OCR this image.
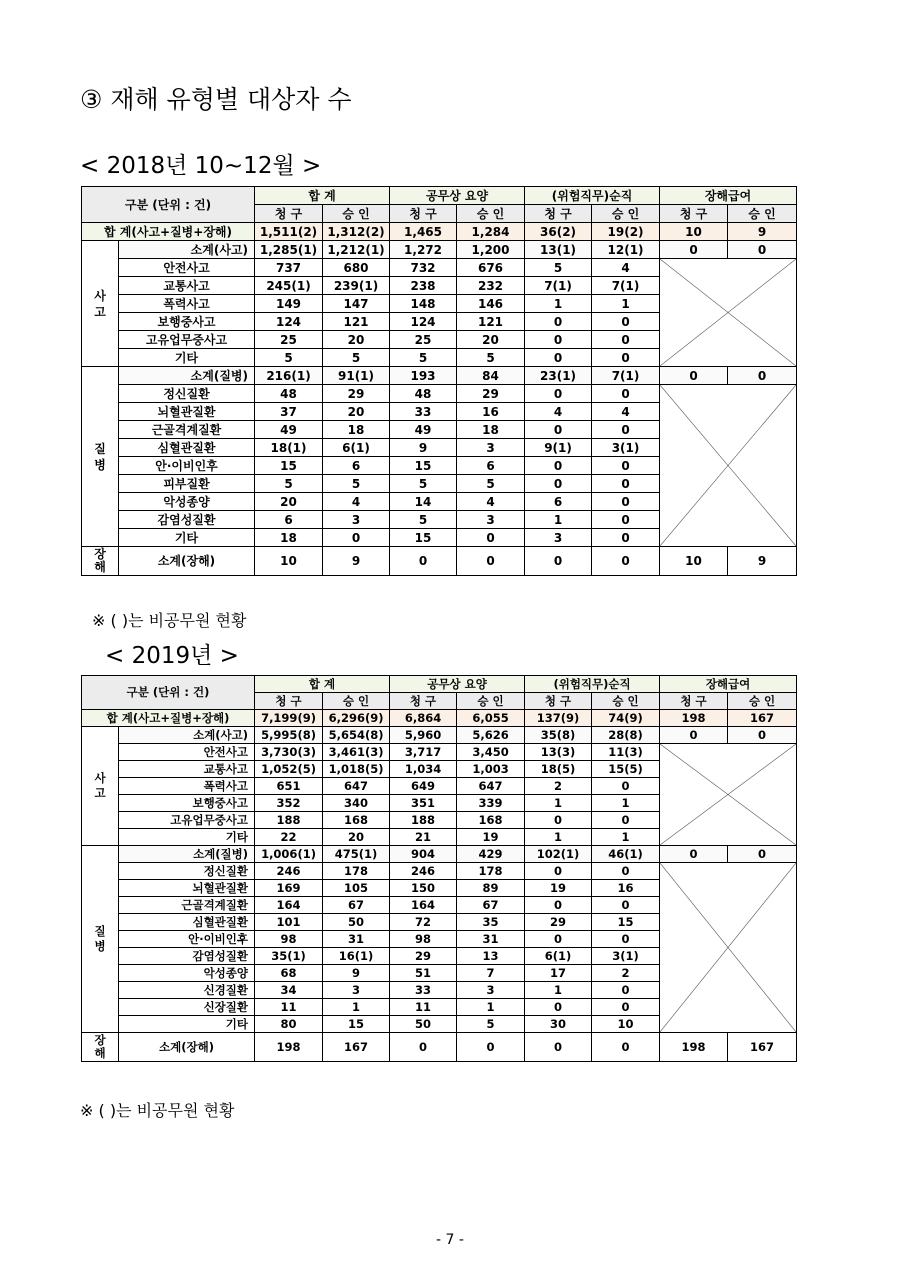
③ 재해 유형별 대상자 수
< 2018년 10~12월 >
구분 (단위 : 건)		합 계		공무상 요양		(위험직무)순직		장해급여	
		청 구	승 인	청 구	승 인	청 구	승 인	청 구	승 인
합 계(사고+질병+장해)		1,511(2)	1,312(2)	1,465	1,284	36(2)	19(2)	10	9

사
고	소계(사고)	1,285(1)	1,212(1)	1,272	1,200	13(1)	12(1)	0	0
	안전사고	737	680	732	676	5	4	

	교통사고	245(1)	239(1)	238	232	7(1)	7(1)		
	폭력사고	149	147	148	146	1	1		
	보행중사고	124	121	124	121	0	0		
	고유업무중사고	25	20	25	20	0	0		
	기타	5	5	5	5	0	0		

질
병	소계(질병)	216(1)	91(1)	193	84	23(1)	7(1)	0	0
	정신질환	48	29	48	29	0	0	

	뇌혈관질환	37	20	33	16	4	4		
	근골격계질환	49	18	49	18	0	0		
	심혈관질환	18(1)	6(1)	9	3	9(1)	3(1)		
	안·이비인후	15	6	15	6	0	0		
	피부질환	5	5	5	5	0	0		
	악성종양	20	4	14	4	6	0		
	감염성질환	6	3	5	3	1	0		
	기타	18	0	15	0	3	0		

장
해	소계(장해)	10	9	0	0	0	0	10	9
※ ( )는 비공무원 현황
< 2019년 >
구분 (단위 : 건)		합 계		공무상 요양		(위험직무)순직		장해급여	
		청 구	승 인	청 구	승 인	청 구	승 인	청 구	승 인
합 계(사고+질병+장해)		7,199(9)	6,296(9)	6,864	6,055	137(9)	74(9)	198	167

사
고	소계(사고)	5,995(8)	5,654(8)	5,960	5,626	35(8)	28(8)	0	0
	안전사고	3,730(3)	3,461(3)	3,717	3,450	13(3)	11(3)	

	교통사고	1,052(5)	1,018(5)	1,034	1,003	18(5)	15(5)		
	폭력사고	651	647	649	647	2	0		
	보행중사고	352	340	351	339	1	1		
	고유업무중사고	188	168	188	168	0	0		
	기타	22	20	21	19	1	1		

질
병	소계(질병)	1,006(1)	475(1)	904	429	102(1)	46(1)	0	0
	정신질환	246	178	246	178	0	0	

	뇌혈관질환	169	105	150	89	19	16		
	근골격계질환	164	67	164	67	0	0		
	심혈관질환	101	50	72	35	29	15		
	안·이비인후	98	31	98	31	0	0		
	감염성질환	35(1)	16(1)	29	13	6(1)	3(1)		
	악성종양	68	9	51	7	17	2		
	신경질환	34	3	33	3	1	0		
	신장질환	11	1	11	1	0	0		
	기타	80	15	50	5	30	10		

장
해	소계(장해)	198	167	0	0	0	0	198	167
※ ( )는 비공무원 현황
- 7 -
